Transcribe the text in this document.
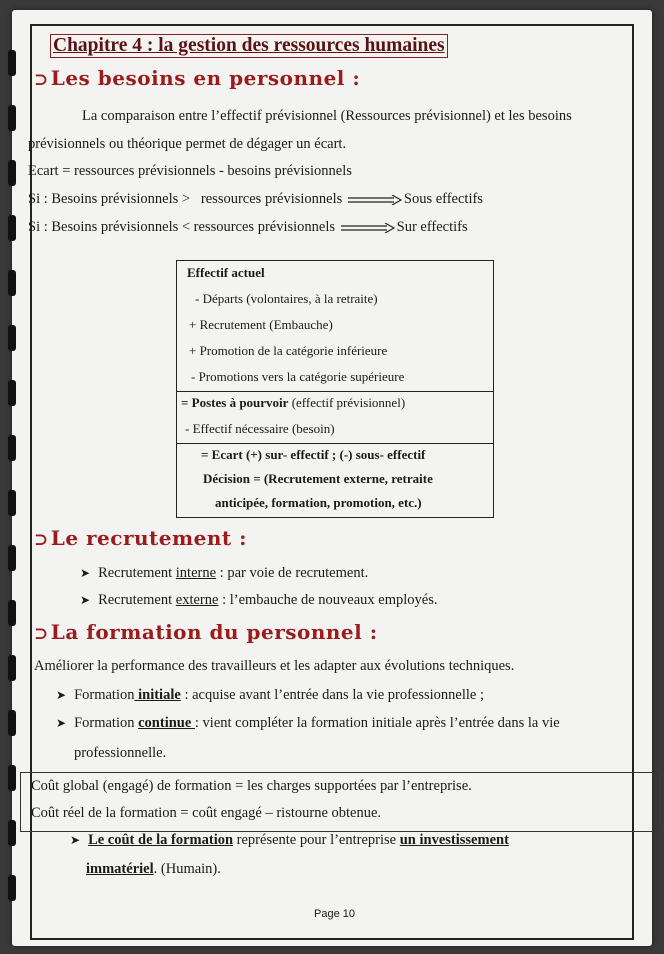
Chapitre 4 : la gestion des ressources humaines
⊃ Les besoins en personnel :
La comparaison entre l’effectif prévisionnel (Ressources prévisionnel) et les besoins
prévisionnels ou théorique permet de dégager un écart.
Ecart = ressources prévisionnels - besoins prévisionnels
Si : Besoins prévisionnels > ressources prévisionnels	Sous effectifs
Si : Besoins prévisionnels < ressources prévisionnels	Sur effectifs
Effectif actuel
- Départs (volontaires, à la retraite)
+ Recrutement (Embauche)
+ Promotion de la catégorie inférieure
- Promotions vers la catégorie supérieure
= Postes à pourvoir (effectif prévisionnel)
- Effectif nécessaire (besoin)
= Ecart (+) sur- effectif ; (-) sous- effectif
Décision = (Recrutement externe, retraite
anticipée, formation, promotion, etc.)
⊃ Le recrutement :
➤ Recrutement interne : par voie de recrutement.
➤ Recrutement externe : l’embauche de nouveaux employés.
⊃ La formation du personnel :
Améliorer la performance des travailleurs et les adapter aux évolutions techniques.
➤ Formation initiale : acquise avant l’entrée dans la vie professionnelle ;
➤ Formation continue : vient compléter la formation initiale après l’entrée dans la vie
professionnelle.
Coût global (engagé) de formation = les charges supportées par l’entreprise.
Coût réel de la formation = coût engagé – ristourne obtenue.
➤ Le coût de la formation représente pour l’entreprise un investissement
immatériel. (Humain).
Page 10
